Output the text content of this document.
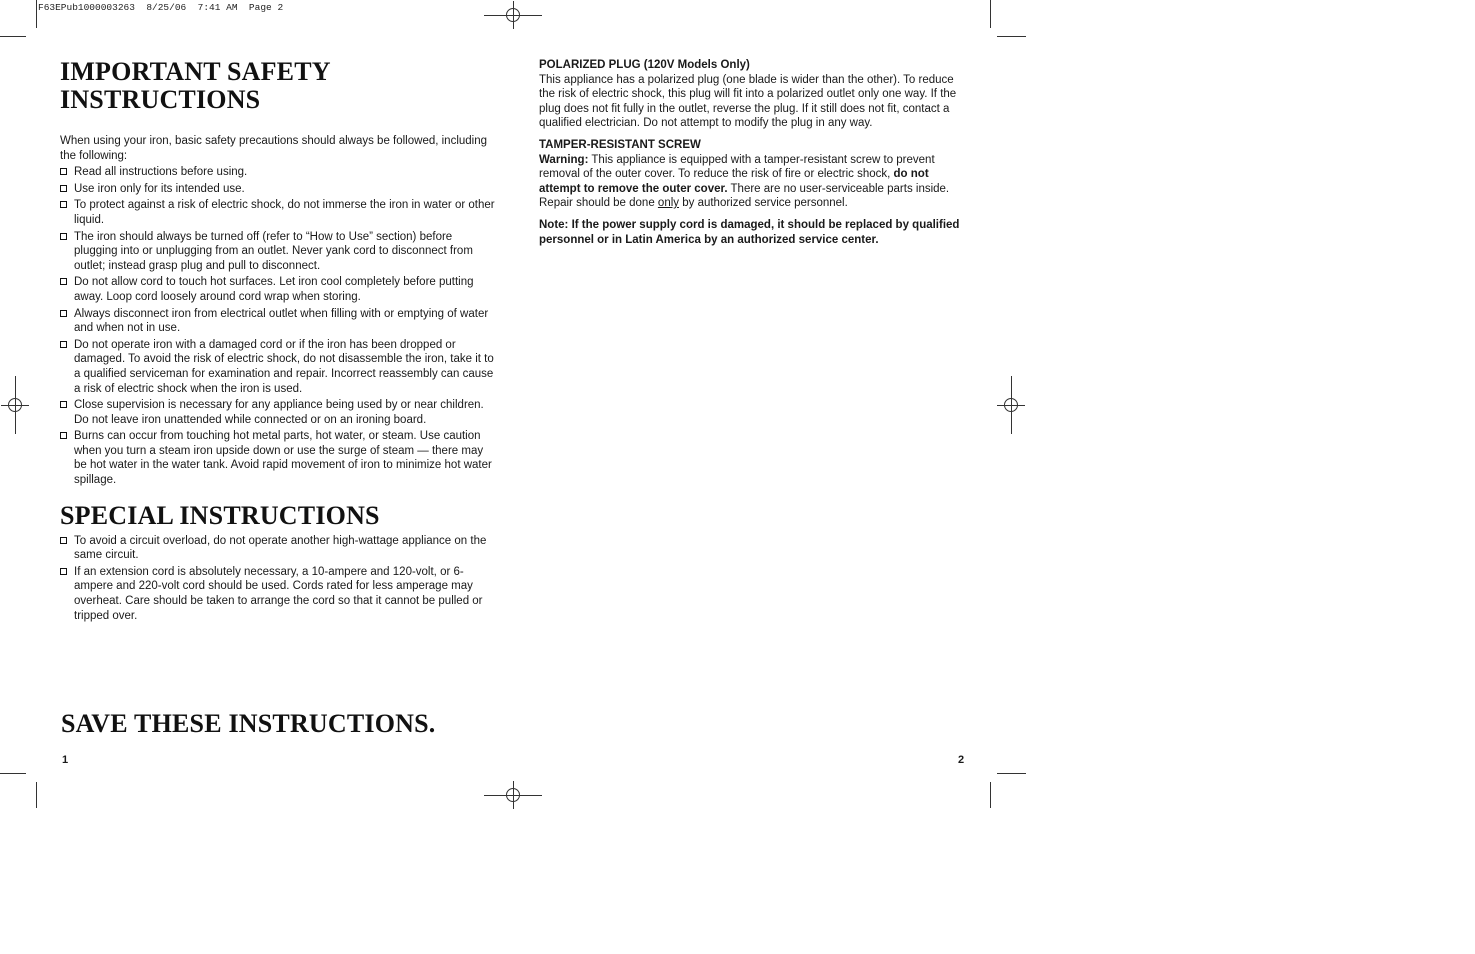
F63EPub1000003263  8/25/06  7:41 AM  Page 2
IMPORTANT SAFETY
INSTRUCTIONS

When using your iron, basic safety precautions should always be followed, including the following:

Read all instructions before using.
Use iron only for its intended use.
To protect against a risk of electric shock, do not immerse the iron in water or other liquid.
The iron should always be turned off (refer to “How to Use” section) before plugging into or unplugging from an outlet. Never yank cord to disconnect from outlet; instead grasp plug and pull to disconnect.
Do not allow cord to touch hot surfaces. Let iron cool completely before putting away. Loop cord loosely around cord wrap when storing.
Always disconnect iron from electrical outlet when filling with or emptying of water and when not in use.
Do not operate iron with a damaged cord or if the iron has been dropped or damaged. To avoid the risk of electric shock, do not disassemble the iron, take it to a qualified serviceman for examination and repair. Incorrect reassembly can cause a risk of electric shock when the iron is used.
Close supervision is necessary for any appliance being used by or near children. Do not leave iron unattended while connected or on an ironing board.
Burns can occur from touching hot metal parts, hot water, or steam. Use caution when you turn a steam iron upside down or use the surge of steam — there may be hot water in the water tank. Avoid rapid movement of iron to minimize hot water spillage.
SPECIAL INSTRUCTIONS
To avoid a circuit overload, do not operate another high-wattage appliance on the same circuit.
If an extension cord is absolutely necessary, a 10-ampere and 120-volt, or 6-ampere and 220-volt cord should be used. Cords rated for less amperage may overheat. Care should be taken to arrange the cord so that it cannot be pulled or tripped over.
SAVE THESE INSTRUCTIONS.
1

POLARIZED PLUG (120V Models Only)

This appliance has a polarized plug (one blade is wider than the other). To reduce the risk of electric shock, this plug will fit into a polarized outlet only one way. If the plug does not fit fully in the outlet, reverse the plug. If it still does not fit, contact a qualified electrician. Do not attempt to modify the plug in any way.

TAMPER-RESISTANT SCREW

Warning: This appliance is equipped with a tamper-resistant screw to prevent removal of the outer cover. To reduce the risk of fire or electric shock, do not attempt to remove the outer cover. There are no user-serviceable parts inside. Repair should be done only by authorized service personnel.

Note: If the power supply cord is damaged, it should be replaced by qualified personnel or in Latin America by an authorized service center.

2
